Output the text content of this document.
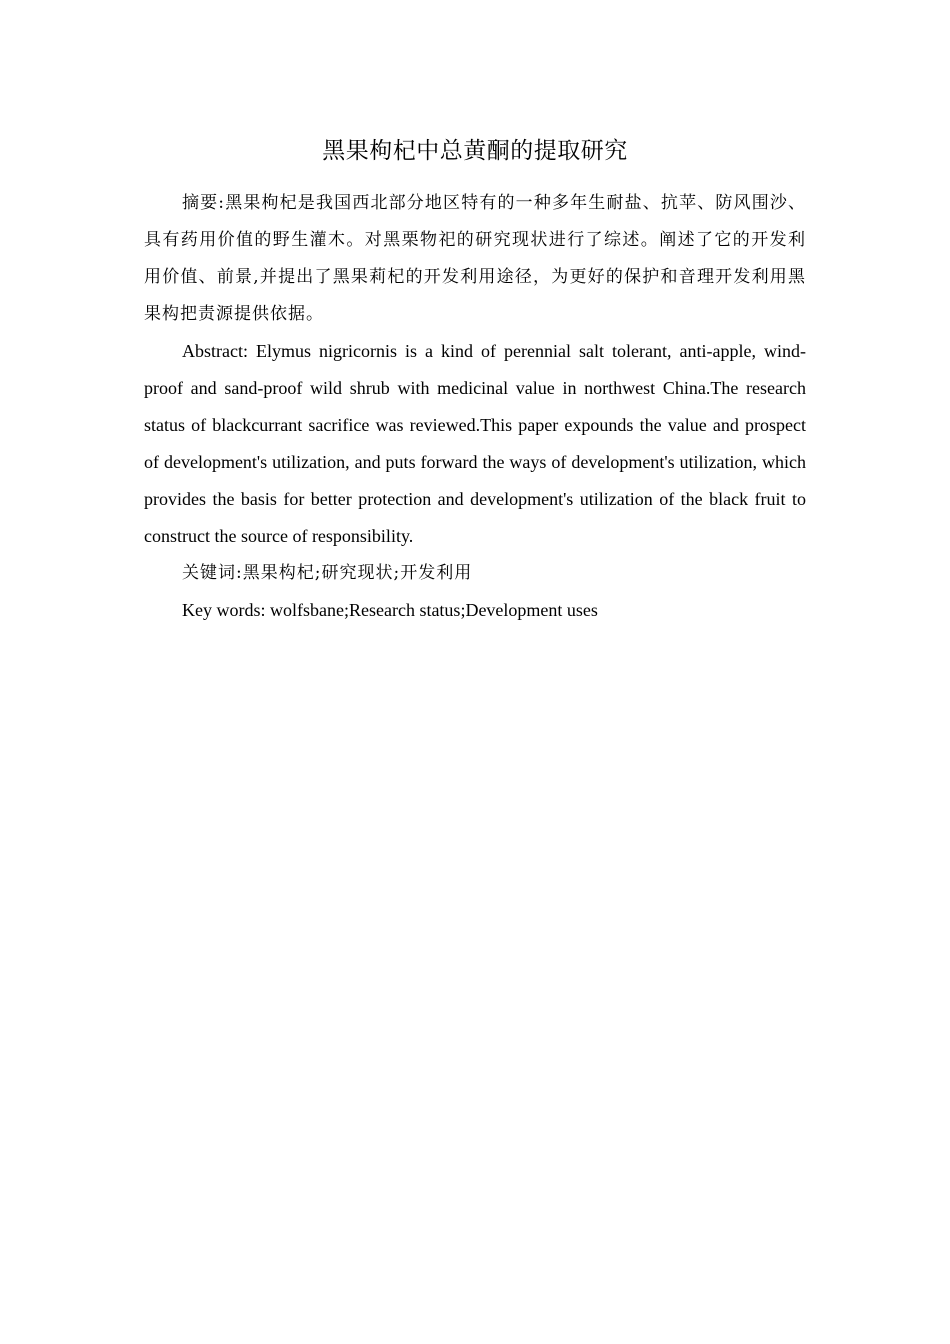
黑果枸杞中总黄酮的提取研究

摘要:黑果枸杞是我国西北部分地区特有的一种多年生耐盐、抗苹、防风围沙、具有药用价值的野生灌木。对黑栗物祀的研究现状进行了综述。阐述了它的开发利用价值、前景,并提出了黑果莉杞的开发利用途径，为更好的保护和音理开发利用黑果构把责源提供依据。

Abstract: Elymus nigricornis is a kind of perennial salt tolerant, anti-apple, wind-proof and sand-proof wild shrub with medicinal value in northwest China.The research status of blackcurrant sacrifice was reviewed.This paper expounds the value and prospect of development's utilization, and puts forward the ways of development's utilization, which provides the basis for better protection and development's utilization of the black fruit to construct the source of responsibility.

关键词:黑果构杞;研究现状;开发利用

Key words: wolfsbane;Research status;Development uses
